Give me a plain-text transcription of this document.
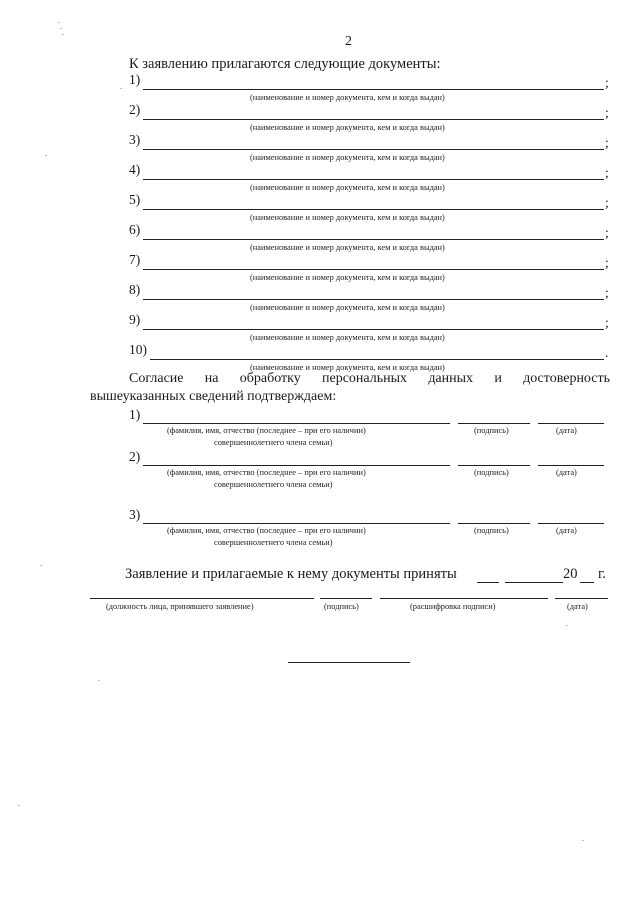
2
К заявлению прилагаются следующие документы:
1)	;
(наименование и номер документа, кем и когда выдан)
2)	;
(наименование и номер документа, кем и когда выдан)
3)	;
(наименование и номер документа, кем и когда выдан)
4)	;
(наименование и номер документа, кем и когда выдан)
5)	;
(наименование и номер документа, кем и когда выдан)
6)	;
(наименование и номер документа, кем и когда выдан)
7)	;
(наименование и номер документа, кем и когда выдан)
8)	;
(наименование и номер документа, кем и когда выдан)
9)	;
(наименование и номер документа, кем и когда выдан)
10)	.
(наименование и номер документа, кем и когда выдан)
Согласие на обработку персональных данных и достоверность
вышеуказанных сведений подтверждаем:
1)
(фамилия, имя, отчество (последнее – при его наличии)
совершеннолетнего члена семьи)
(подпись)	(дата)
2)
(фамилия, имя, отчество (последнее – при его наличии)
совершеннолетнего члена семьи)
(подпись)	(дата)
3)
(фамилия, имя, отчество (последнее – при его наличии)
совершеннолетнего члена семьи)
(подпись)	(дата)
Заявление и прилагаемые к нему документы приняты	20 г.
(должность лица, принявшего заявление)	(подпись)	(расшифровка подписи)	(дата)
